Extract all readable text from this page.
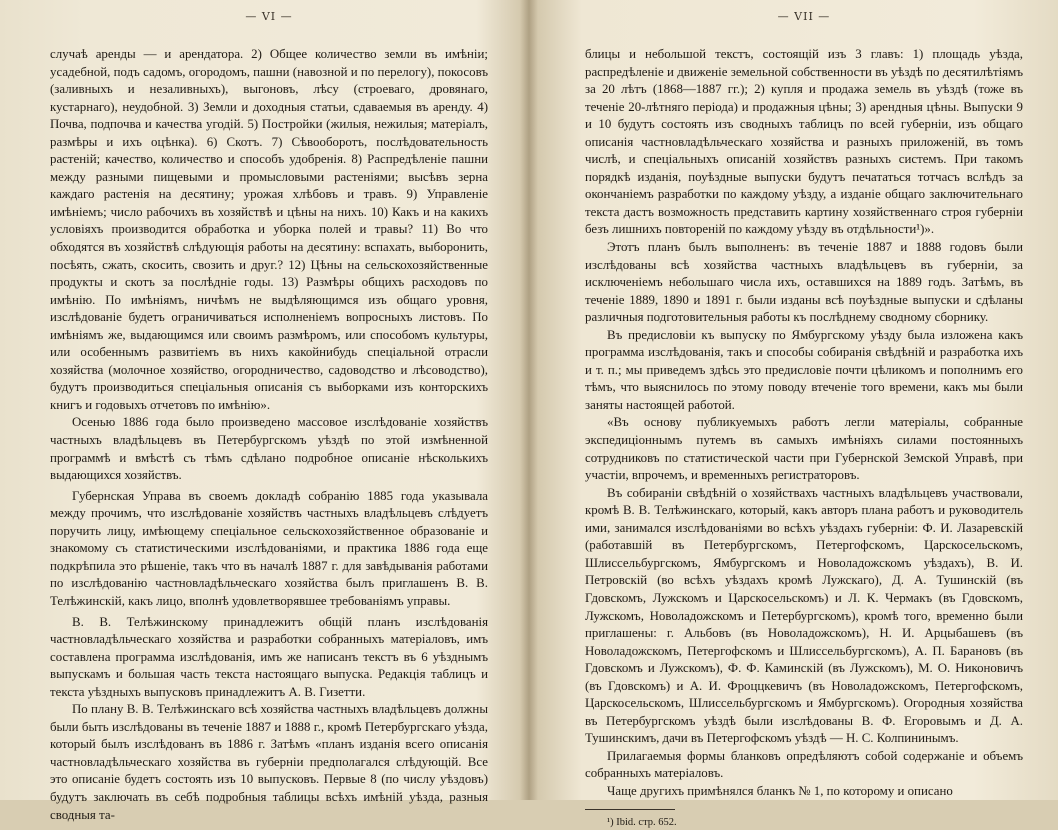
— VI —

случаѣ аренды — и арендатора. 2) Общее количество земли въ имѣніи; усадебной, подъ садомъ, огородомъ, пашни (навозной и по перелогу), покосовъ (заливныхъ и незаливныхъ), выгоновъ, лѣсу (строеваго, дровянаго, кустарнаго), неудобной. 3) Земли и доходныя статьи, сдаваемыя въ аренду. 4) Почва, подпочва и качества угодій. 5) Постройки (жилыя, нежилыя; матеріалъ, размѣры и ихъ оцѣнка). 6) Скотъ. 7) Сѣвооборотъ, послѣдовательность растеній; качество, количество и способъ удобренія. 8) Распредѣленіе пашни между разными пищевыми и промысловыми растеніями; высѣвъ зерна каждаго растенія на десятину; урожая хлѣбовъ и травъ. 9) Управленіе имѣніемъ; число рабочихъ въ хозяйствѣ и цѣны на нихъ. 10) Какъ и на какихъ условіяхъ производится обработка и уборка полей и травы? 11) Во что обходятся въ хозяйствѣ слѣдующія работы на десятину: вспахать, выборонить, посѣять, сжать, скосить, свозить и друг.? 12) Цѣны на сельскохозяйственные продукты и скотъ за послѣдніе годы. 13) Размѣры общихъ расходовъ по имѣнію. По имѣніямъ, ничѣмъ не выдѣляющимся изъ общаго уровня, изслѣдованіе будетъ ограничиваться исполненіемъ вопросныхъ листовъ. По имѣніямъ же, выдающимся или своимъ размѣромъ, или способомъ культуры, или особеннымъ развитіемъ въ нихъ какойнибудь спеціальной отрасли хозяйства (молочное хозяйство, огородничество, садоводство и лѣсоводство), будутъ производиться спеціальныя описанія съ выборками изъ конторскихъ книгъ и годовыхъ отчетовъ по имѣнію».

Осенью 1886 года было произведено массовое изслѣдованіе хозяйствъ частныхъ владѣльцевъ въ Петербургскомъ уѣздѣ по этой измѣненной программѣ и вмѣстѣ съ тѣмъ сдѣлано подробное описаніе нѣсколькихъ выдающихся хозяйствъ.

Губернская Управа въ своемъ докладѣ собранію 1885 года указывала между прочимъ, что изслѣдованіе хозяйствъ частныхъ владѣльцевъ слѣдуетъ поручить лицу, имѣющему спеціальное сельскохозяйственное образованіе и знакомому съ статистическими изслѣдованіями, и практика 1886 года еще подкрѣпила это рѣшеніе, такъ что въ началѣ 1887 г. для завѣдыванія работами по изслѣдованію частновладѣльческаго хозяйства былъ приглашенъ В. В. Телѣжинскій, какъ лицо, вполнѣ удовлетворявшее требованіямъ управы.

В. В. Телѣжинскому принадлежитъ общій планъ изслѣдованія частновладѣльческаго хозяйства и разработки собранныхъ матеріаловъ, имъ составлена программа изслѣдованія, имъ же написанъ текстъ въ 6 уѣзднымъ выпускамъ и большая часть текста настоящаго выпуска. Редакція таблицъ и текста уѣздныхъ выпусковъ принадлежитъ А. В. Гизетти.

По плану В. В. Телѣжинскаго всѣ хозяйства частныхъ владѣльцевъ должны были быть изслѣдованы въ теченіе 1887 и 1888 г., кромѣ Петербургскаго уѣзда, который былъ изслѣдованъ въ 1886 г. Затѣмъ «планъ изданія всего описанія частновладѣльческаго хозяйства въ губерніи предполагался слѣдующій. Все это описаніе будетъ состоять изъ 10 выпусковъ. Первые 8 (по числу уѣздовъ) будутъ заключать въ себѣ подробныя таблицы всѣхъ имѣній уѣзда, разныя сводныя та-

— VII —

блицы и небольшой текстъ, состоящій изъ 3 главъ: 1) площадь уѣзда, распредѣленіе и движеніе земельной собственности въ уѣздѣ по десятилѣтіямъ за 20 лѣтъ (1868—1887 гг.); 2) купля и продажа земель въ уѣздѣ (тоже въ теченіе 20-лѣтняго періода) и продажныя цѣны; 3) арендныя цѣны. Выпуски 9 и 10 будутъ состоять изъ сводныхъ таблицъ по всей губерніи, изъ общаго описанія частновладѣльческаго хозяйства и разныхъ приложеній, въ томъ числѣ, и спеціальныхъ описаній хозяйствъ разныхъ системъ. При такомъ порядкѣ изданія, поуѣздные выпуски будутъ печататься тотчасъ вслѣдъ за окончаніемъ разработки по каждому уѣзду, а изданіе общаго заключительнаго текста дастъ возможность представить картину хозяйственнаго строя губерніи безъ лишнихъ повтореній по каждому уѣзду въ отдѣльности¹)».

Этотъ планъ былъ выполненъ: въ теченіе 1887 и 1888 годовъ были изслѣдованы всѣ хозяйства частныхъ владѣльцевъ въ губерніи, за исключеніемъ небольшаго числа ихъ, оставшихся на 1889 годъ. Затѣмъ, въ теченіе 1889, 1890 и 1891 г. были изданы всѣ поуѣздные выпуски и сдѣланы различныя подготовительныя работы къ послѣднему сводному сборнику.

Въ предисловіи къ выпуску по Ямбургскому уѣзду была изложена какъ программа изслѣдованія, такъ и способы собиранія свѣдѣній и разработка ихъ и т. п.; мы приведемъ здѣсь это предисловіе почти цѣликомъ и пополнимъ его тѣмъ, что выяснилось по этому поводу втеченіе того времени, какъ мы были заняты настоящей работой.

«Въ основу публикуемыхъ работъ легли матеріалы, собранные экспедиціоннымъ путемъ въ самыхъ имѣніяхъ силами постоянныхъ сотрудниковъ по статистической части при Губернской Земской Управѣ, при участіи, впрочемъ, и временныхъ регистраторовъ.

Въ собираніи свѣдѣній о хозяйствахъ частныхъ владѣльцевъ участвовали, кромѣ В. В. Телѣжинскаго, который, какъ авторъ плана работъ и руководитель ими, занимался изслѣдованіями во всѣхъ уѣздахъ губерніи: Ф. И. Лазаревскій (работавшій въ Петербургскомъ, Петергофскомъ, Царскосельскомъ, Шлиссельбургскомъ, Ямбургскомъ и Новоладожскомъ уѣздахъ), В. И. Петровскій (во всѣхъ уѣздахъ кромѣ Лужскаго), Д. А. Тушинскій (въ Гдовскомъ, Лужскомъ и Царскосельскомъ) и Л. К. Чермакъ (въ Гдовскомъ, Лужскомъ, Новоладожскомъ и Петербургскомъ), кромѣ того, временно были приглашены: г. Альбовъ (въ Новоладожскомъ), Н. И. Арцыбашевъ (въ Новоладожскомъ, Петергофскомъ и Шлиссельбургскомъ), А. П. Барановъ (въ Гдовскомъ и Лужскомъ), Ф. Ф. Каминскій (въ Лужскомъ), М. О. Никоновичъ (въ Гдовскомъ) и А. И. Фроццкевичъ (въ Новоладожскомъ, Петергофскомъ, Царскосельскомъ, Шлиссельбургскомъ и Ямбургскомъ). Огородныя хозяйства въ Петербургскомъ уѣздѣ были изслѣдованы В. Ф. Егоровымъ и Д. А. Тушинскимъ, дачи въ Петергофскомъ уѣздѣ — Н. С. Колпининымъ.

Прилагаемыя формы бланковъ опредѣляютъ собой содержаніе и объемъ собранныхъ матеріаловъ.

Чаще другихъ примѣнялся бланкъ № 1, по которому и описано

¹) Ibid. стр. 652.
